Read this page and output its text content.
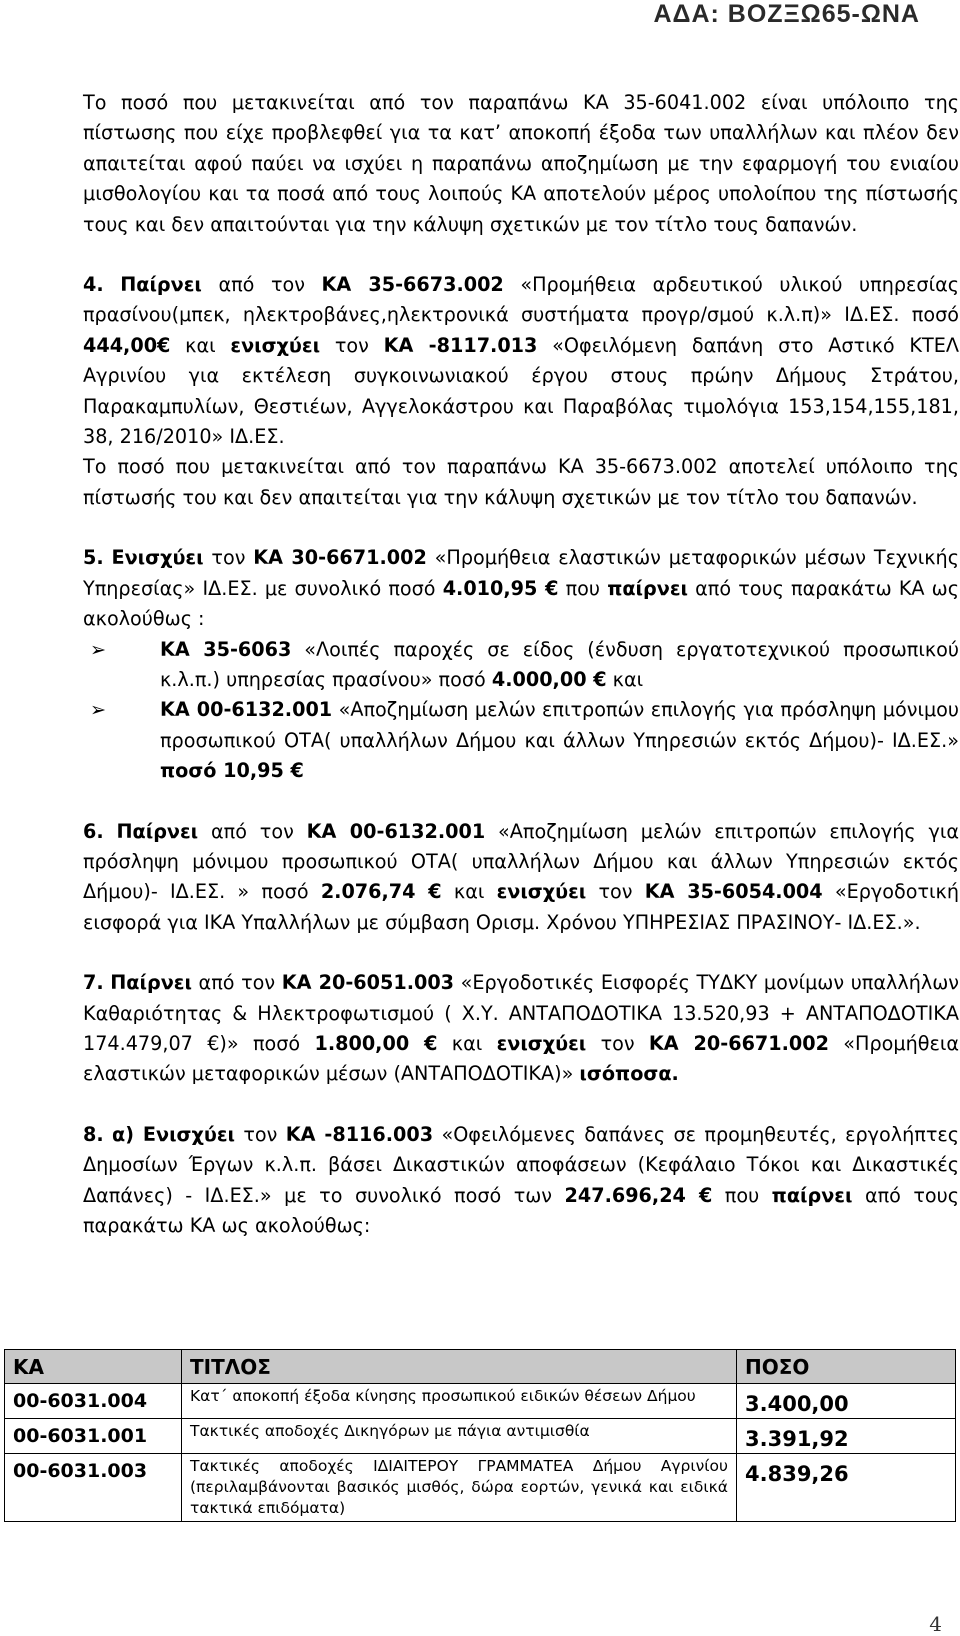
ΑΔΑ: ΒΟΖΞΩ65-ΩΝΑ

Το ποσό που μετακινείται από τον παραπάνω ΚΑ 35-6041.002 είναι υπόλοιπο της πίστωσης που είχε προβλεφθεί για τα κατ’ αποκοπή έξοδα των υπαλλήλων και πλέον δεν απαιτείται αφού παύει να ισχύει η παραπάνω αποζημίωση με την εφαρμογή του ενιαίου μισθολογίου και τα ποσά από τους λοιπούς ΚΑ αποτελούν μέρος υπολοίπου της πίστωσής τους και δεν απαιτούνται για την κάλυψη σχετικών με τον τίτλο τους δαπανών.

4. Παίρνει από τον ΚΑ 35-6673.002 «Προμήθεια αρδευτικού υλικού υπηρεσίας πρασίνου(μπεκ, ηλεκτροβάνες,ηλεκτρονικά συστήματα προγρ/σμού κ.λ.π)» ΙΔ.ΕΣ. ποσό 444,00€ και ενισχύει τον ΚΑ -8117.013 «Οφειλόμενη δαπάνη στο Αστικό ΚΤΕΛ Αγρινίου για εκτέλεση συγκοινωνιακού έργου στους πρώην Δήμους Στράτου, Παρακαμπυλίων, Θεστιέων, Αγγελοκάστρου και Παραβόλας τιμολόγια 153,154,155,181, 38, 216/2010» ΙΔ.ΕΣ.

Το ποσό που μετακινείται από τον παραπάνω ΚΑ 35-6673.002 αποτελεί υπόλοιπο της πίστωσής του και δεν απαιτείται για την κάλυψη σχετικών με τον τίτλο του δαπανών.

5. Ενισχύει τον ΚΑ 30-6671.002 «Προμήθεια ελαστικών μεταφορικών μέσων Τεχνικής Υπηρεσίας» ΙΔ.ΕΣ. με συνολικό ποσό 4.010,95 € που παίρνει από τους παρακάτω ΚΑ ως ακολούθως :

➢	ΚΑ 35-6063 «Λοιπές παροχές σε είδος (ένδυση εργατοτεχνικού προσωπικού κ.λ.π.) υπηρεσίας πρασίνου» ποσό 4.000,00 € και
➢	ΚΑ 00-6132.001 «Αποζημίωση μελών επιτροπών επιλογής για πρόσληψη μόνιμου προσωπικού ΟΤΑ( υπαλλήλων Δήμου και άλλων Υπηρεσιών εκτός Δήμου)- ΙΔ.ΕΣ.» ποσό 10,95 €

6. Παίρνει από τον ΚΑ 00-6132.001 «Αποζημίωση μελών επιτροπών επιλογής για πρόσληψη μόνιμου προσωπικού ΟΤΑ( υπαλλήλων Δήμου και άλλων Υπηρεσιών εκτός Δήμου)- ΙΔ.ΕΣ. » ποσό 2.076,74 € και ενισχύει τον ΚΑ 35-6054.004 «Εργοδοτική εισφορά για ΙΚΑ Υπαλλήλων με σύμβαση Ορισμ. Χρόνου ΥΠΗΡΕΣΙΑΣ ΠΡΑΣΙΝΟΥ- ΙΔ.ΕΣ.».

7. Παίρνει από τον ΚΑ 20-6051.003 «Εργοδοτικές Εισφορές ΤΥΔΚΥ μονίμων υπαλλήλων Καθαριότητας & Ηλεκτροφωτισμού ( Χ.Υ. ΑΝΤΑΠΟΔΟΤΙΚΑ 13.520,93 + ΑΝΤΑΠΟΔΟΤΙΚΑ 174.479,07 €)» ποσό 1.800,00 € και ενισχύει τον ΚΑ 20-6671.002 «Προμήθεια ελαστικών μεταφορικών μέσων (ΑΝΤΑΠΟΔΟΤΙΚΑ)» ισόποσα.

8. α) Ενισχύει τον ΚΑ -8116.003 «Οφειλόμενες δαπάνες σε προμηθευτές, εργολήπτες Δημοσίων Έργων κ.λ.π. βάσει Δικαστικών αποφάσεων (Κεφάλαιο Τόκοι και Δικαστικές Δαπάνες) - ΙΔ.ΕΣ.» με το συνολικό ποσό των 247.696,24 € που παίρνει από τους παρακάτω ΚΑ ως ακολούθως:

ΚΑ	ΤΙΤΛΟΣ	ΠΟΣΟ
00-6031.004	Κατ΄ αποκοπή έξοδα κίνησης προσωπικού ειδικών θέσεων Δήμου	3.400,00
00-6031.001	Τακτικές αποδοχές Δικηγόρων με πάγια αντιμισθία	3.391,92
00-6031.003	Τακτικές αποδοχές ΙΔΙΑΙΤΕΡΟΥ ΓΡΑΜΜΑΤΕΑ Δήμου Αγρινίου (περιλαμβάνονται βασικός μισθός, δώρα εορτών, γενικά και ειδικά τακτικά επιδόματα)	4.839,26
4
